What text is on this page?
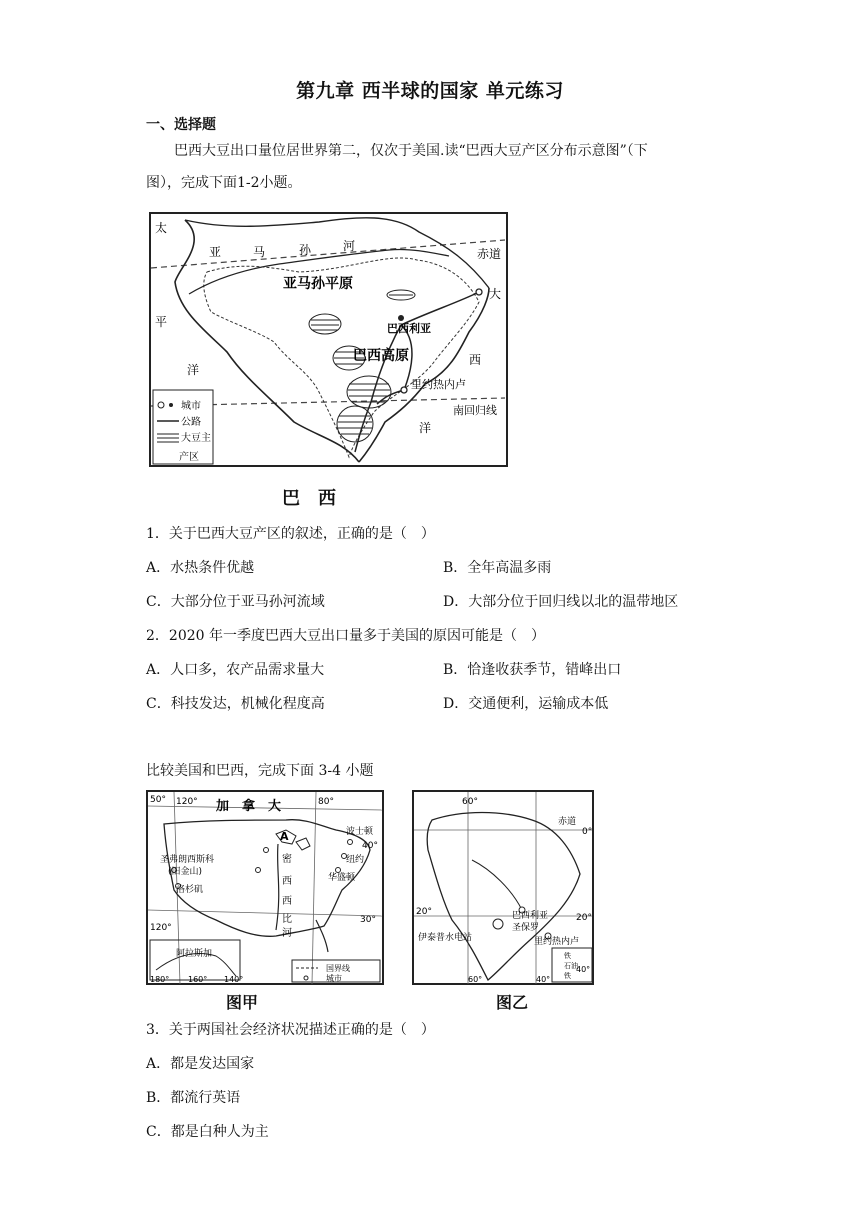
第九章 西半球的国家 单元练习
一、选择题
巴西大豆出口量位居世界第二，仅次于美国.读“巴西大豆产区分布示意图”（下
图），完成下面1-2小题。
太
平
洋
亚	马	孙	河
赤道
大
西
洋
亚马孙平原
巴西高原
巴西利亚
里约热内卢
南回归线
城市
公路
大豆主
产区
巴　西
1．关于巴西大豆产区的叙述，正确的是（　）
A．水热条件优越	B．全年高温多雨
C．大部分位于亚马孙河流域	D．大部分位于回归线以北的温带地区
2．2020 年一季度巴西大豆出口量多于美国的原因可能是（　）
A．人口多，农产品需求量大	B．恰逢收获季节，错峰出口
C．科技发达，机械化程度高	D．交通便利，运输成本低
比较美国和巴西，完成下面 3-4 小题
50° 120° 加　拿　大	80°
波士顿
40°
A
纽约
圣弗朗西斯科
(旧金山)
华盛顿
洛杉矶
密
西
西
比
河
30°
120°
阿拉斯加
180° 160° 140°
国界线
城市
图甲
60°
赤道
0°
巴西利亚
圣保罗
伊泰普水电站	里约热内卢
20°
20°
60°	40°
40°
铁
石油
铁
图乙
3．关于两国社会经济状况描述正确的是（　）
A．都是发达国家
B．都流行英语
C．都是白种人为主
